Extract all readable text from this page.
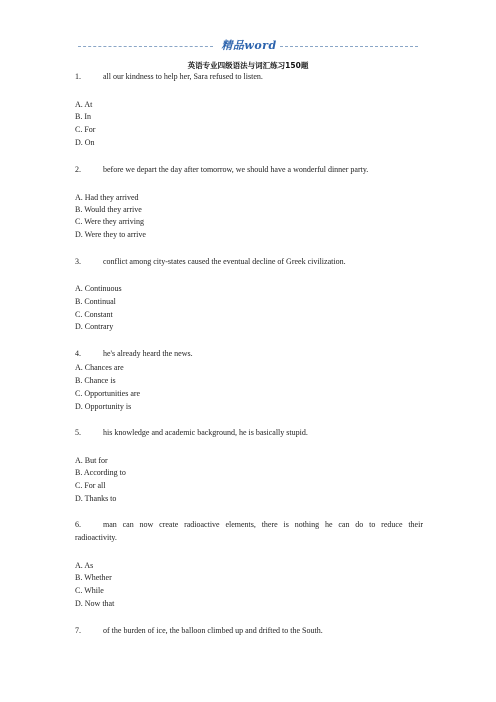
精品word
英语专业四级语法与词汇练习150题
1.	all our kindness to help her, Sara refused to listen.
A. At
B. In
C. For
D. On
2.	before we depart the day after tomorrow, we should have a wonderful dinner party.
A. Had they arrived
B. Would they arrive
C. Were they arriving
D. Were they to arrive
3.	conflict among city-states caused the eventual decline of Greek civilization.
A. Continuous
B. Continual
C. Constant
D. Contrary
4.	he's already heard the news.
A. Chances are
B. Chance is
C. Opportunities are
D. Opportunity is
5.	his knowledge and academic background, he is basically stupid.
A. But for
B. According to
C. For all
D. Thanks to
6.	man can now create radioactive elements, there is nothing he can do to reduce their
radioactivity.
A. As
B. Whether
C. While
D. Now that
7.	of the burden of ice, the balloon climbed up and drifted to the South.
